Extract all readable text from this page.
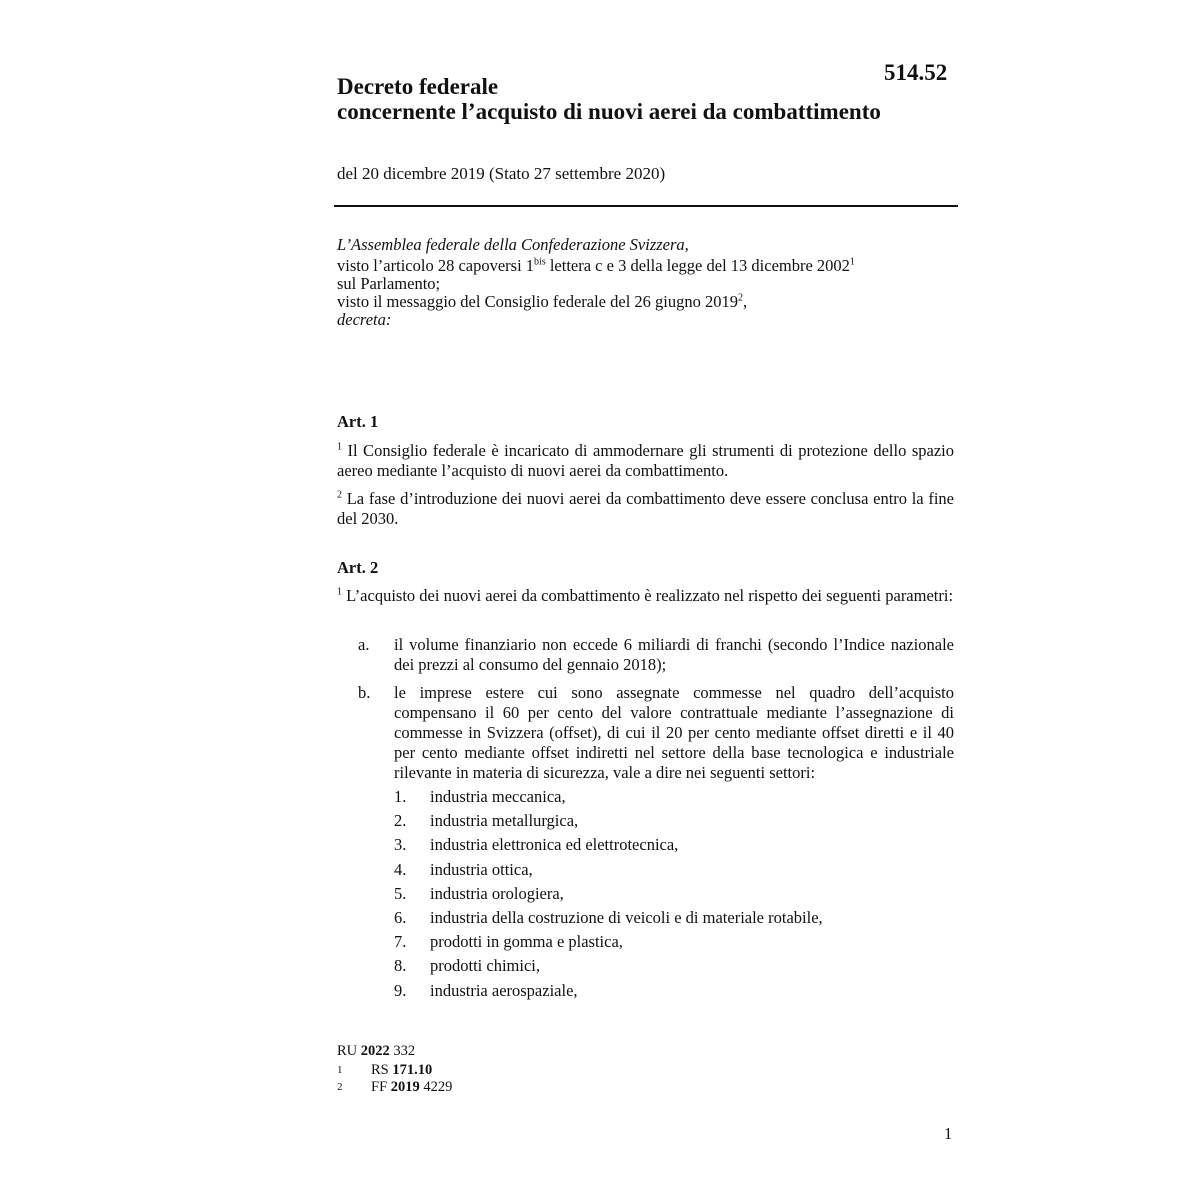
514.52
Decreto federale
concernente l’acquisto di nuovi aerei da combattimento
del 20 dicembre 2019 (Stato 27 settembre 2020)

L’Assemblea federale della Confederazione Svizzera,

visto l’articolo 28 capoversi $1^{bis}$ lettera c e 3 della legge del 13 dicembre 2002$^1$

sul Parlamento;

visto il messaggio del Consiglio federale del 26 giugno 2019$^2$,

decreta:

Art. 1
$^1$ Il Consiglio federale è incaricato di ammodernare gli strumenti di protezione dello spazio aereo mediante l’acquisto di nuovi aerei da combattimento.
$^2$ La fase d’introduzione dei nuovi aerei da combattimento deve essere conclusa entro la fine del 2030.
Art. 2
$^1$ L’acquisto dei nuovi aerei da combattimento è realizzato nel rispetto dei seguenti parametri:
a. il volume finanziario non eccede 6 miliardi di franchi (secondo l’Indice nazionale dei prezzi al consumo del gennaio 2018);
b. le imprese estere cui sono assegnate commesse nel quadro dell’acquisto compensano il 60 per cento del valore contrattuale mediante l’assegnazione di commesse in Svizzera (offset), di cui il 20 per cento mediante offset diretti e il 40 per cento mediante offset indiretti nel settore della base tecnologica e industriale rilevante in materia di sicurezza, vale a dire nei seguenti settori:
1. industria meccanica,
2. industria metallurgica,
3. industria elettronica ed elettrotecnica,
4. industria ottica,
5. industria orologiera,
6. industria della costruzione di veicoli e di materiale rotabile,
7. prodotti in gomma e plastica,
8. prodotti chimici,
9. industria aerospaziale,
RU 2022 332
1 RS 171.10
2 FF 2019 4229
1
